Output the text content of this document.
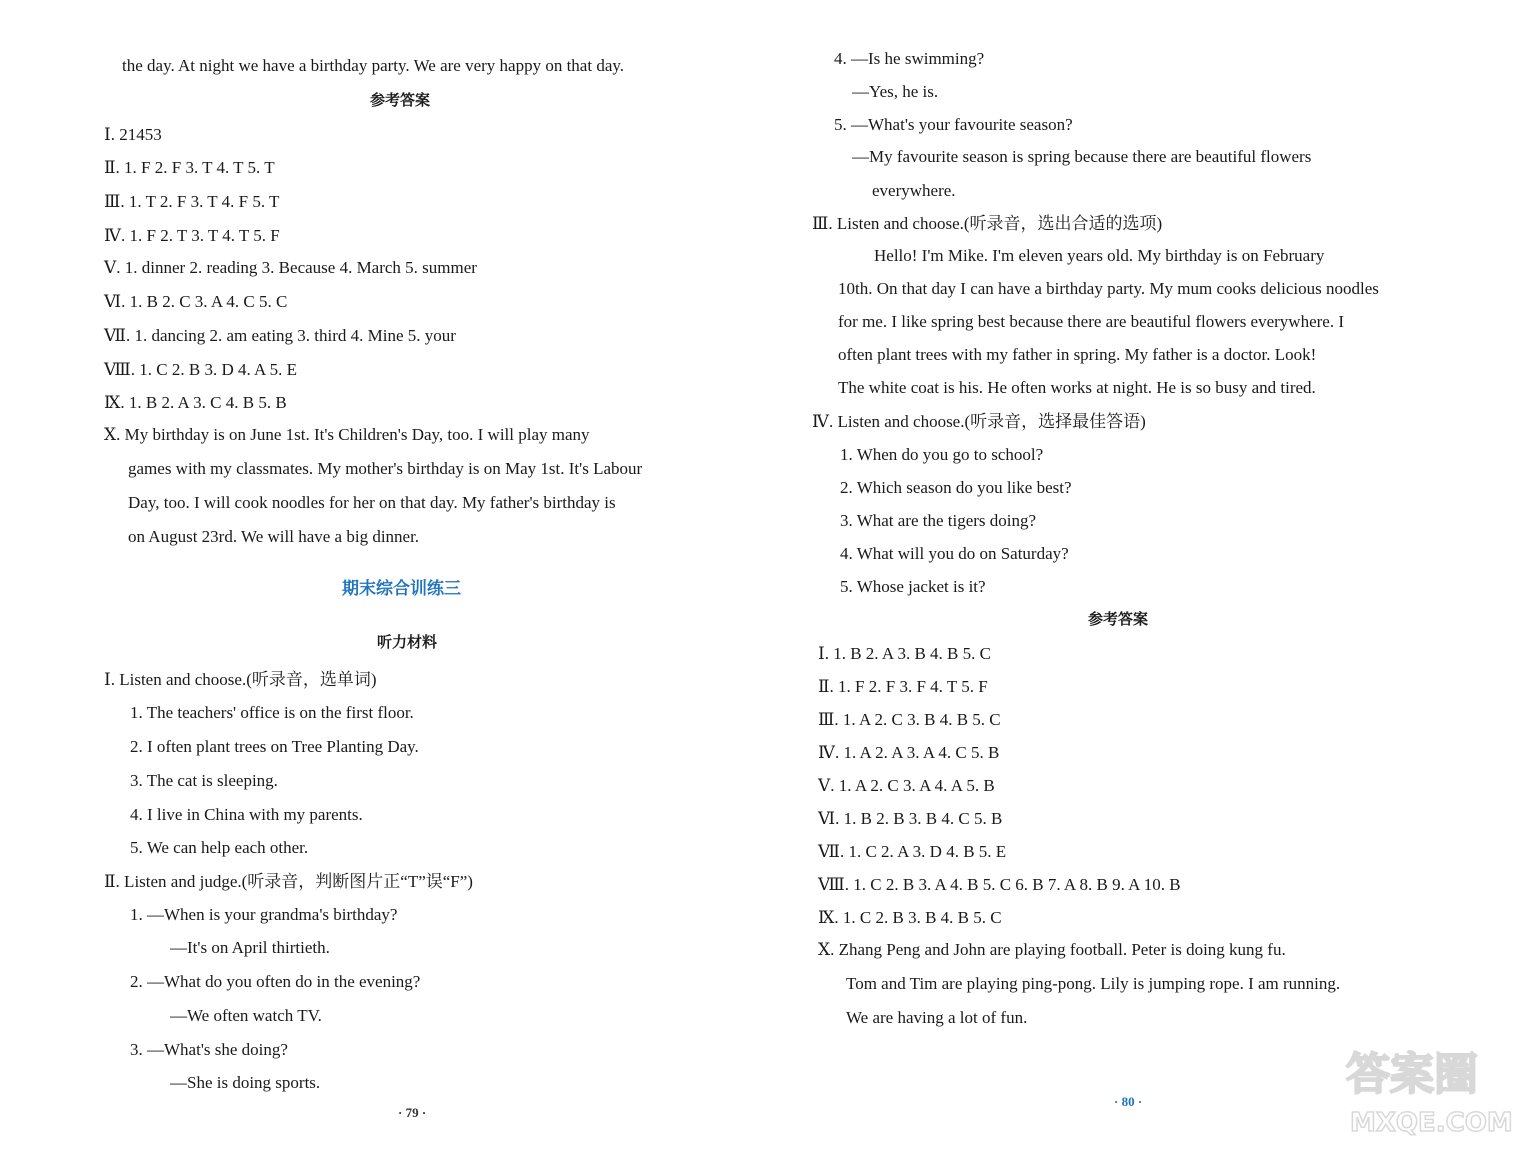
the day. At night we have a birthday party. We are very happy on that day.
参考答案
Ⅰ. 21453
Ⅱ. 1. F 2. F 3. T 4. T 5. T
Ⅲ. 1. T 2. F 3. T 4. F 5. T
Ⅳ. 1. F 2. T 3. T 4. T 5. F
Ⅴ. 1. dinner 2. reading 3. Because 4. March 5. summer
Ⅵ. 1. B 2. C 3. A 4. C 5. C
Ⅶ. 1. dancing 2. am eating 3. third 4. Mine 5. your
Ⅷ. 1. C 2. B 3. D 4. A 5. E
Ⅸ. 1. B 2. A 3. C 4. B 5. B
Ⅹ. My birthday is on June 1st. It's Children's Day, too. I will play many
games with my classmates. My mother's birthday is on May 1st. It's Labour
Day, too. I will cook noodles for her on that day. My father's birthday is
on August 23rd. We will have a big dinner.
期末综合训练三
听力材料
Ⅰ. Listen and choose.(听录音，选单词)
1. The teachers' office is on the first floor.
2. I often plant trees on Tree Planting Day.
3. The cat is sleeping.
4. I live in China with my parents.
5. We can help each other.
Ⅱ. Listen and judge.(听录音，判断图片正“T”误“F”)
1. —When is your grandma's birthday?
—It's on April thirtieth.
2. —What do you often do in the evening?
—We often watch TV.
3. —What's she doing?
—She is doing sports.
· 79 ·
4. —Is he swimming?
—Yes, he is.
5. —What's your favourite season?
—My favourite season is spring because there are beautiful flowers
everywhere.
Ⅲ. Listen and choose.(听录音，选出合适的选项)
Hello! I'm Mike. I'm eleven years old. My birthday is on February
10th. On that day I can have a birthday party. My mum cooks delicious noodles
for me. I like spring best because there are beautiful flowers everywhere. I
often plant trees with my father in spring. My father is a doctor. Look!
The white coat is his. He often works at night. He is so busy and tired.
Ⅳ. Listen and choose.(听录音，选择最佳答语)
1. When do you go to school?
2. Which season do you like best?
3. What are the tigers doing?
4. What will you do on Saturday?
5. Whose jacket is it?
参考答案
Ⅰ. 1. B 2. A 3. B 4. B 5. C
Ⅱ. 1. F 2. F 3. F 4. T 5. F
Ⅲ. 1. A 2. C 3. B 4. B 5. C
Ⅳ. 1. A 2. A 3. A 4. C 5. B
Ⅴ. 1. A 2. C 3. A 4. A 5. B
Ⅵ. 1. B 2. B 3. B 4. C 5. B
Ⅶ. 1. C 2. A 3. D 4. B 5. E
Ⅷ. 1. C 2. B 3. A 4. B 5. C 6. B 7. A 8. B 9. A 10. B
Ⅸ. 1. C 2. B 3. B 4. B 5. C
Ⅹ. Zhang Peng and John are playing football. Peter is doing kung fu.
Tom and Tim are playing ping-pong. Lily is jumping rope. I am running.
We are having a lot of fun.
· 80 ·
答案圈
MXQE.COM
